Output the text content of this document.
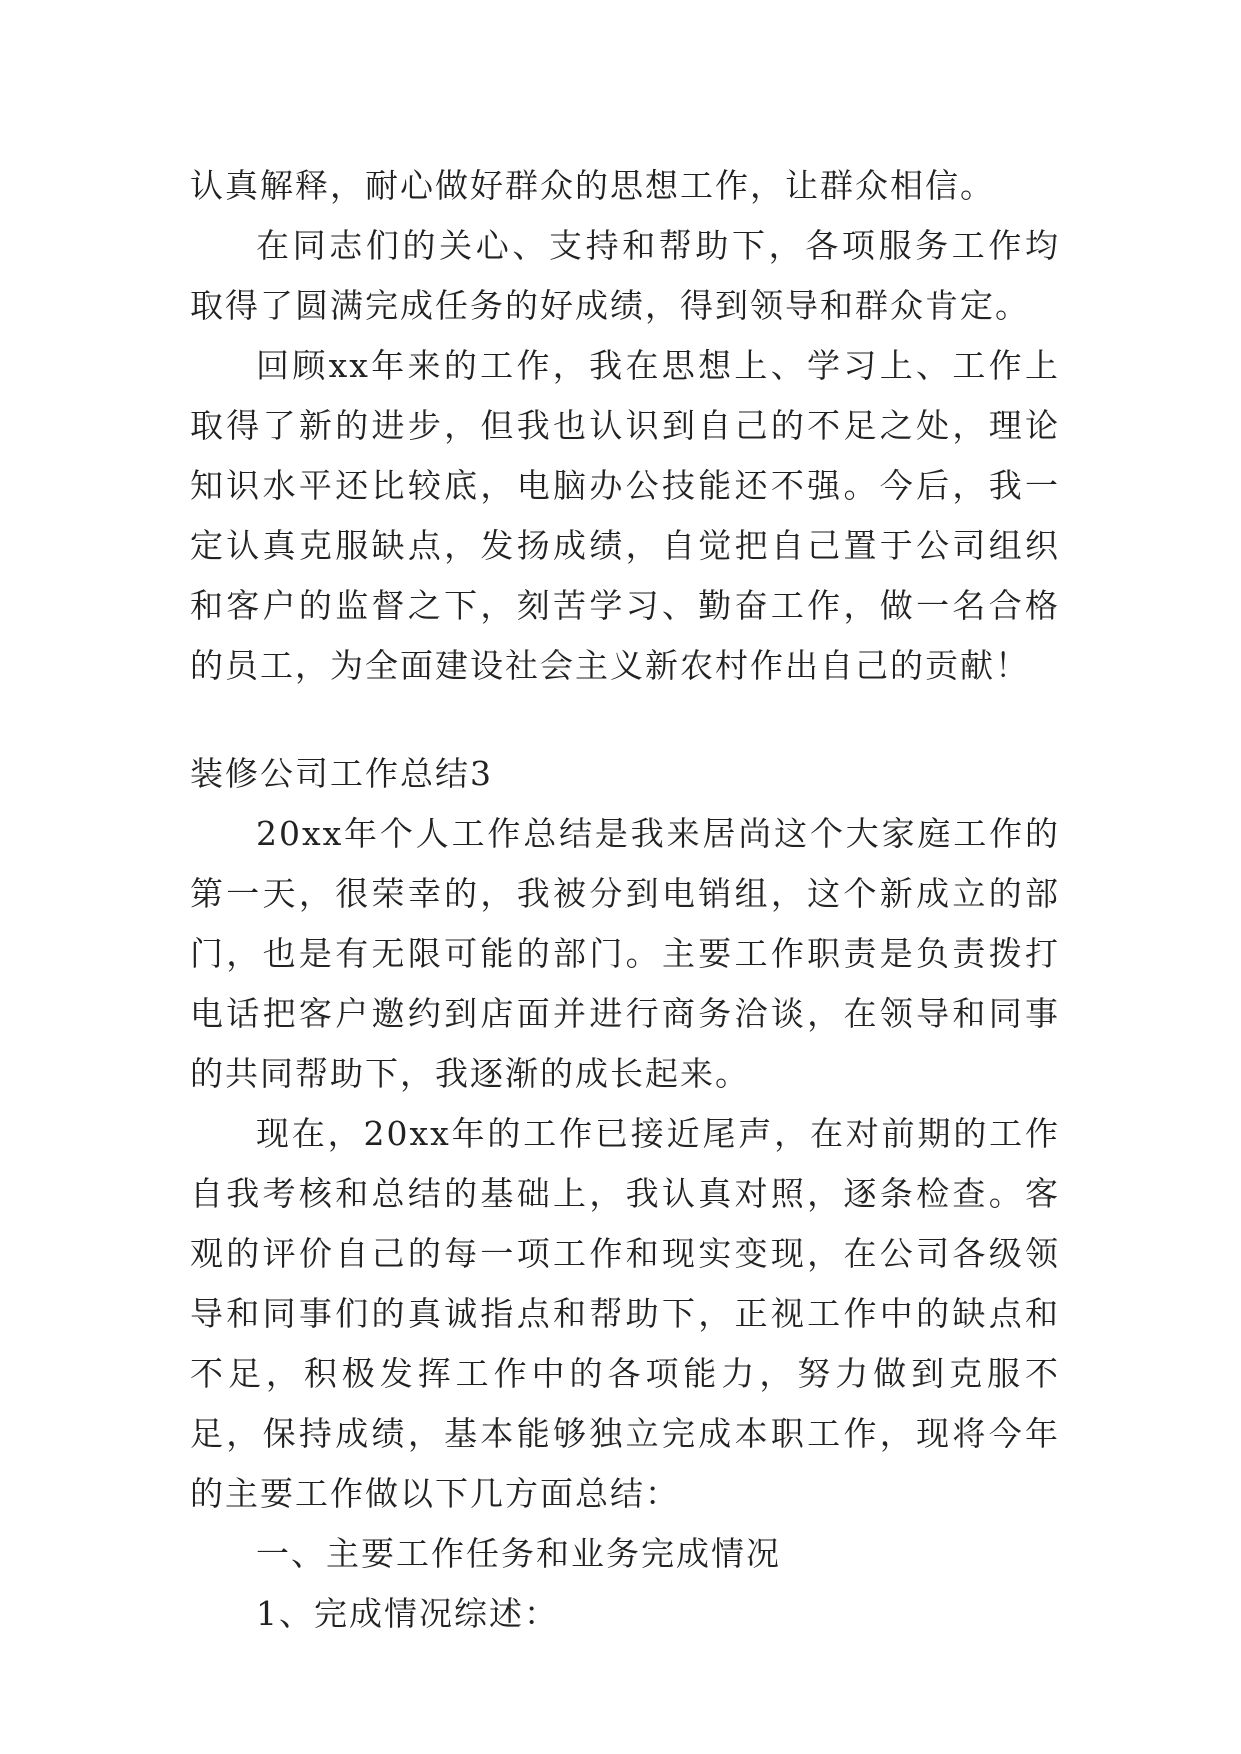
认真解释，耐心做好群众的思想工作，让群众相信。

在同志们的关心、支持和帮助下，各项服务工作均取得了圆满完成任务的好成绩，得到领导和群众肯定。

回顾xx年来的工作，我在思想上、学习上、工作上取得了新的进步，但我也认识到自己的不足之处，理论知识水平还比较底，电脑办公技能还不强。今后，我一定认真克服缺点，发扬成绩，自觉把自己置于公司组织和客户的监督之下，刻苦学习、勤奋工作，做一名合格的员工，为全面建设社会主义新农村作出自己的贡献！

装修公司工作总结3

20xx年个人工作总结是我来居尚这个大家庭工作的第一天，很荣幸的，我被分到电销组，这个新成立的部门，也是有无限可能的部门。主要工作职责是负责拨打电话把客户邀约到店面并进行商务洽谈，在领导和同事的共同帮助下，我逐渐的成长起来。

现在，20xx年的工作已接近尾声，在对前期的工作自我考核和总结的基础上，我认真对照，逐条检查。客观的评价自己的每一项工作和现实变现，在公司各级领导和同事们的真诚指点和帮助下，正视工作中的缺点和不足，积极发挥工作中的各项能力，努力做到克服不足，保持成绩，基本能够独立完成本职工作，现将今年的主要工作做以下几方面总结：

一、主要工作任务和业务完成情况

1、完成情况综述：
